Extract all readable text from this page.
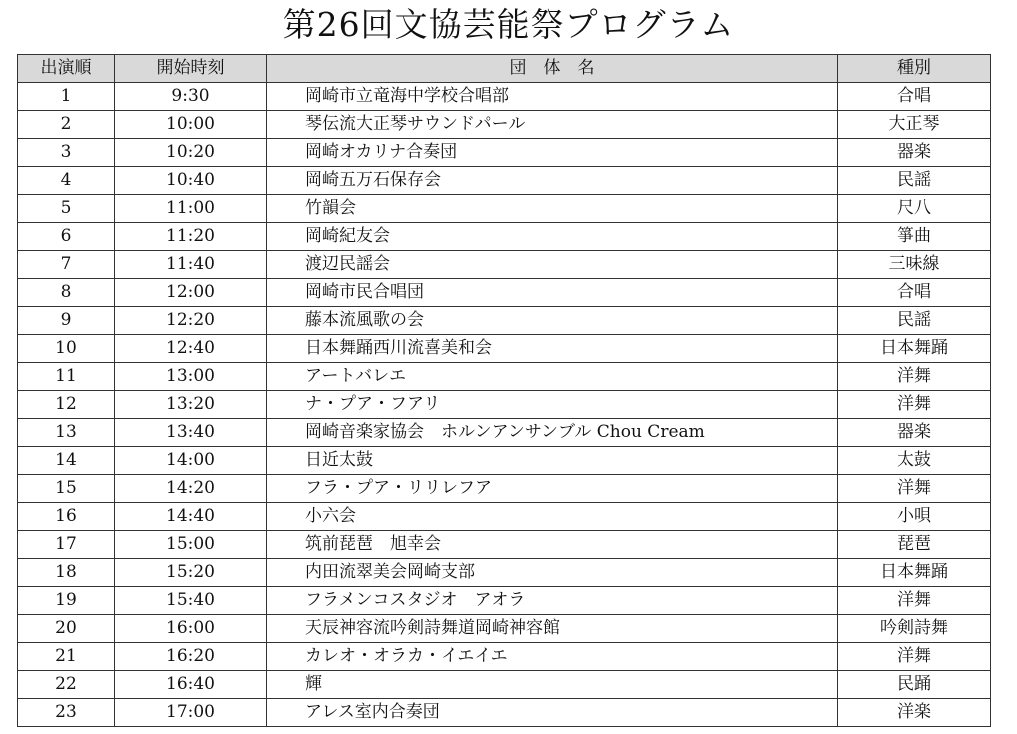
第26回文協芸能祭プログラム
出演順	開始時刻	団　体　名	種別
1	9:30	岡崎市立竜海中学校合唱部	合唱
2	10:00	琴伝流大正琴サウンドパール	大正琴
3	10:20	岡崎オカリナ合奏団	器楽
4	10:40	岡崎五万石保存会	民謡
5	11:00	竹韻会	尺八
6	11:20	岡崎紀友会	箏曲
7	11:40	渡辺民謡会	三味線
8	12:00	岡崎市民合唱団	合唱
9	12:20	藤本流風歌の会	民謡
10	12:40	日本舞踊西川流喜美和会	日本舞踊
11	13:00	アートバレエ	洋舞
12	13:20	ナ・プア・フアリ	洋舞
13	13:40	岡崎音楽家協会　ホルンアンサンブル Chou Cream	器楽
14	14:00	日近太鼓	太鼓
15	14:20	フラ・プア・リリレフア	洋舞
16	14:40	小六会	小唄
17	15:00	筑前琵琶　旭幸会	琵琶
18	15:20	内田流翠美会岡崎支部	日本舞踊
19	15:40	フラメンコスタジオ　アオラ	洋舞
20	16:00	天辰神容流吟剣詩舞道岡崎神容館	吟剣詩舞
21	16:20	カレオ・オラカ・イエイエ	洋舞
22	16:40	輝	民踊
23	17:00	アレス室内合奏団	洋楽
